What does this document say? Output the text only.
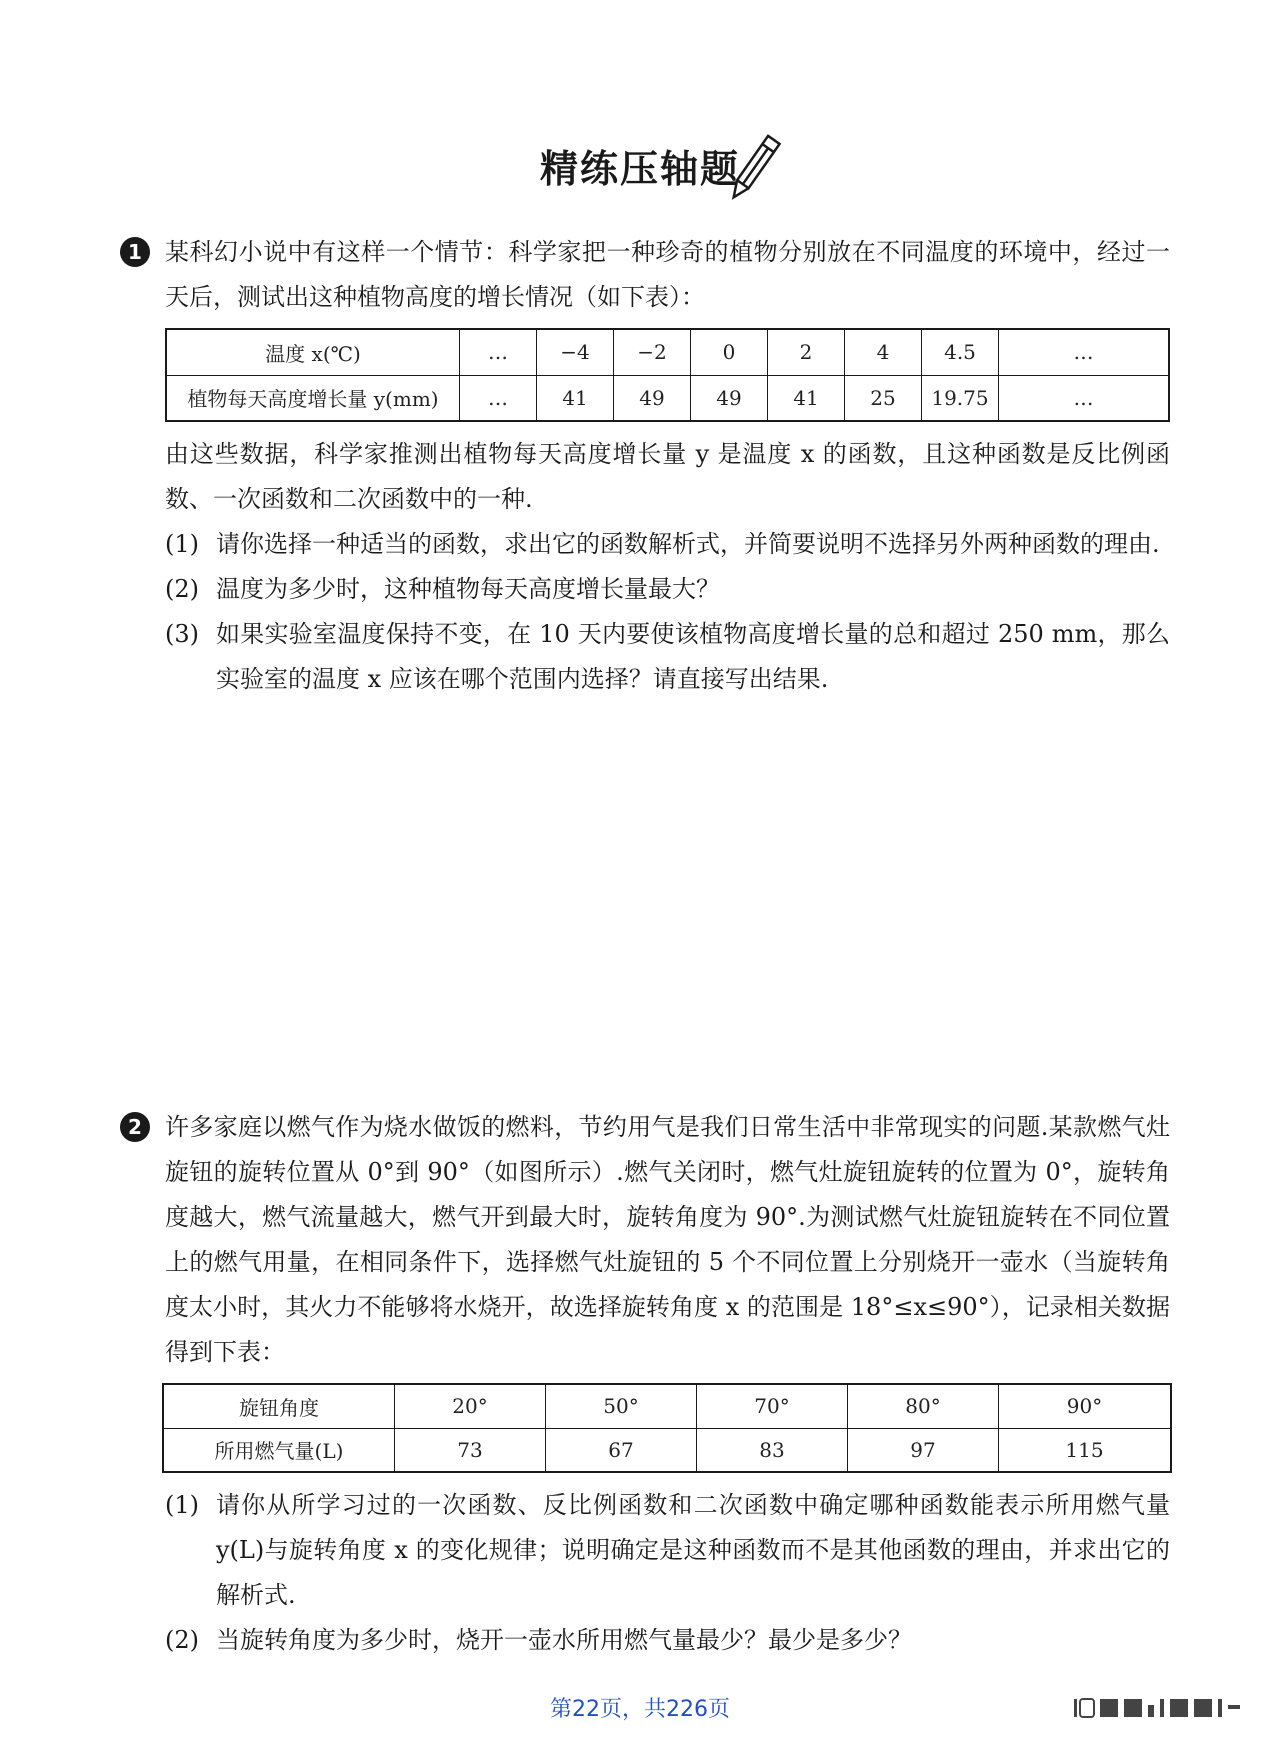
精练压轴题
1 某科幻小说中有这样一个情节：科学家把一种珍奇的植物分别放在不同温度的环境中，经过一天后，测试出这种植物高度的增长情况（如下表）：
温度 x(℃)	…	−4	−2	0	2	4	4.5	…
植物每天高度增长量 y(mm)	…	41	49	49	41	25	19.75	…
由这些数据，科学家推测出植物每天高度增长量 y 是温度 x 的函数，且这种函数是反比例函数、一次函数和二次函数中的一种.
(1) 请你选择一种适当的函数，求出它的函数解析式，并简要说明不选择另外两种函数的理由.
(2) 温度为多少时，这种植物每天高度增长量最大？
(3) 如果实验室温度保持不变，在 10 天内要使该植物高度增长量的总和超过 250 mm，那么实验室的温度 x 应该在哪个范围内选择？请直接写出结果.
2 许多家庭以燃气作为烧水做饭的燃料，节约用气是我们日常生活中非常现实的问题.某款燃气灶旋钮的旋转位置从 0°到 90°（如图所示）.燃气关闭时，燃气灶旋钮旋转的位置为 0°，旋转角度越大，燃气流量越大，燃气开到最大时，旋转角度为 90°.为测试燃气灶旋钮旋转在不同位置上的燃气用量，在相同条件下，选择燃气灶旋钮的 5 个不同位置上分别烧开一壶水（当旋转角度太小时，其火力不能够将水烧开，故选择旋转角度 x 的范围是 18°≤x≤90°），记录相关数据得到下表：
旋钮角度	20°	50°	70°	80°	90°
所用燃气量(L)	73	67	83	97	115
(1) 请你从所学习过的一次函数、反比例函数和二次函数中确定哪种函数能表示所用燃气量 y(L)与旋转角度 x 的变化规律；说明确定是这种函数而不是其他函数的理由，并求出它的解析式.
(2) 当旋转角度为多少时，烧开一壶水所用燃气量最少？最少是多少？
第22页，共226页
